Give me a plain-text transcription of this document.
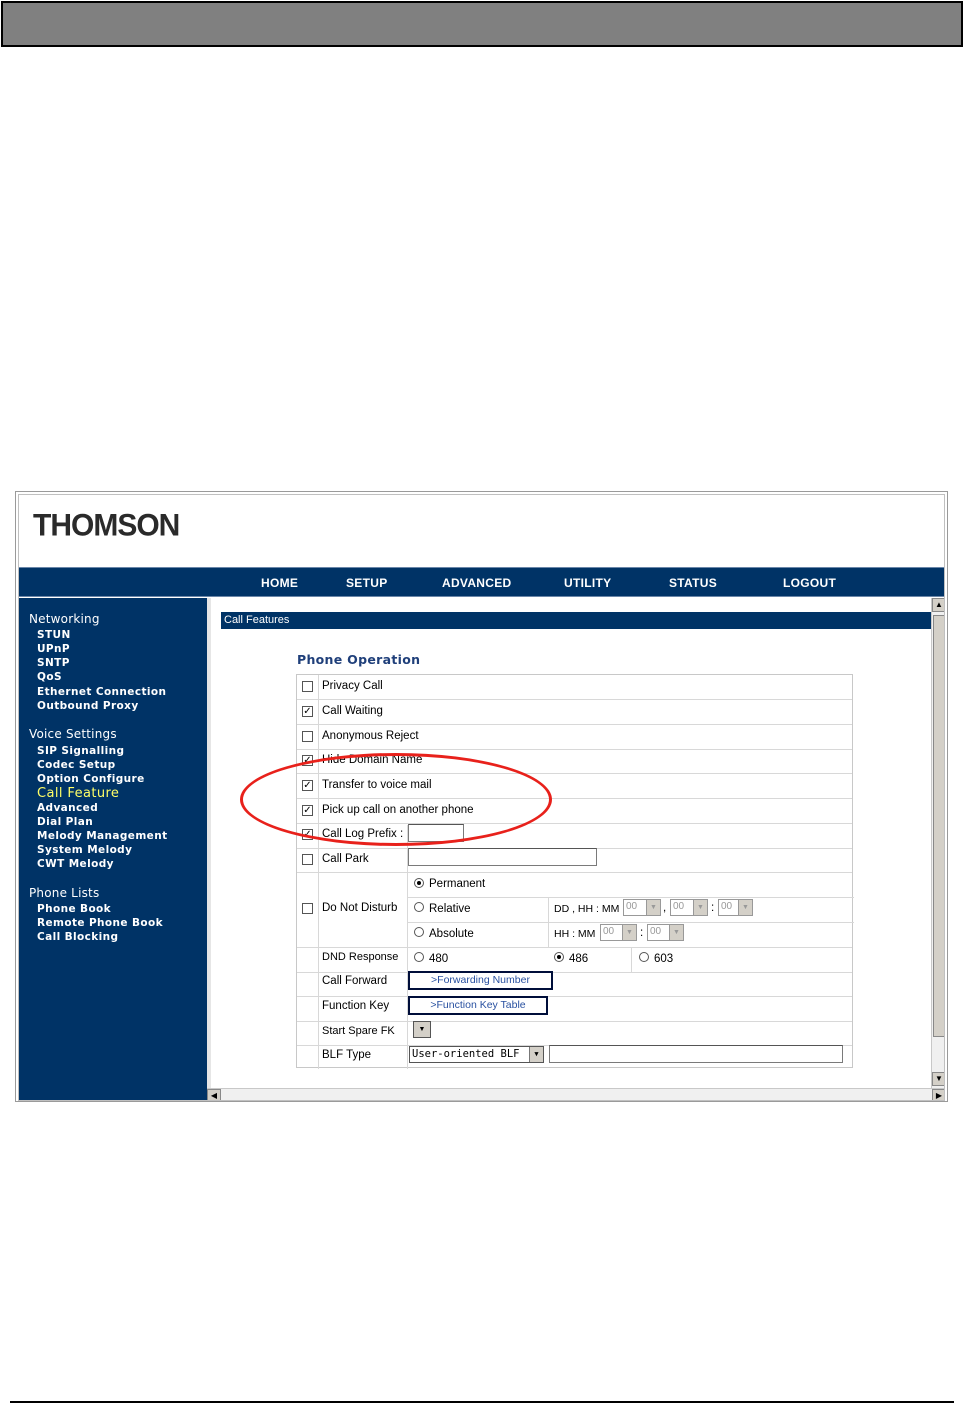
THOMSON
HOME	SETUP	ADVANCED	UTILITY	STATUS	LOGOUT
Networking
STUN
UPnP
SNTP
QoS
Ethernet Connection
Outbound Proxy
Voice Settings
SIP Signalling
Codec Setup
Option Configure
Call Feature
Advanced
Dial Plan
Melody Management
System Melody
CWT Melody
Phone Lists
Phone Book
Remote Phone Book
Call Blocking
Call Features
Phone Operation
Privacy Call
✓ Call Waiting
Anonymous Reject
✓ Hide Domain Name
✓ Transfer to voice mail
✓ Pick up call on another phone
✓ Call Log Prefix :
Call Park
Do Not Disturb
Permanent
Relative	DD , HH : MM 00	▼ , 00	▼ : 00	▼
Absolute	HH : MM 00	▼ : 00	▼
DND Response	480	486	603
Call Forward	>Forwarding Number
Function Key	>Function Key Table
Start Spare FK	▼
BLF Type	User-oriented BLF	▼
▲
▼
◀	▶
